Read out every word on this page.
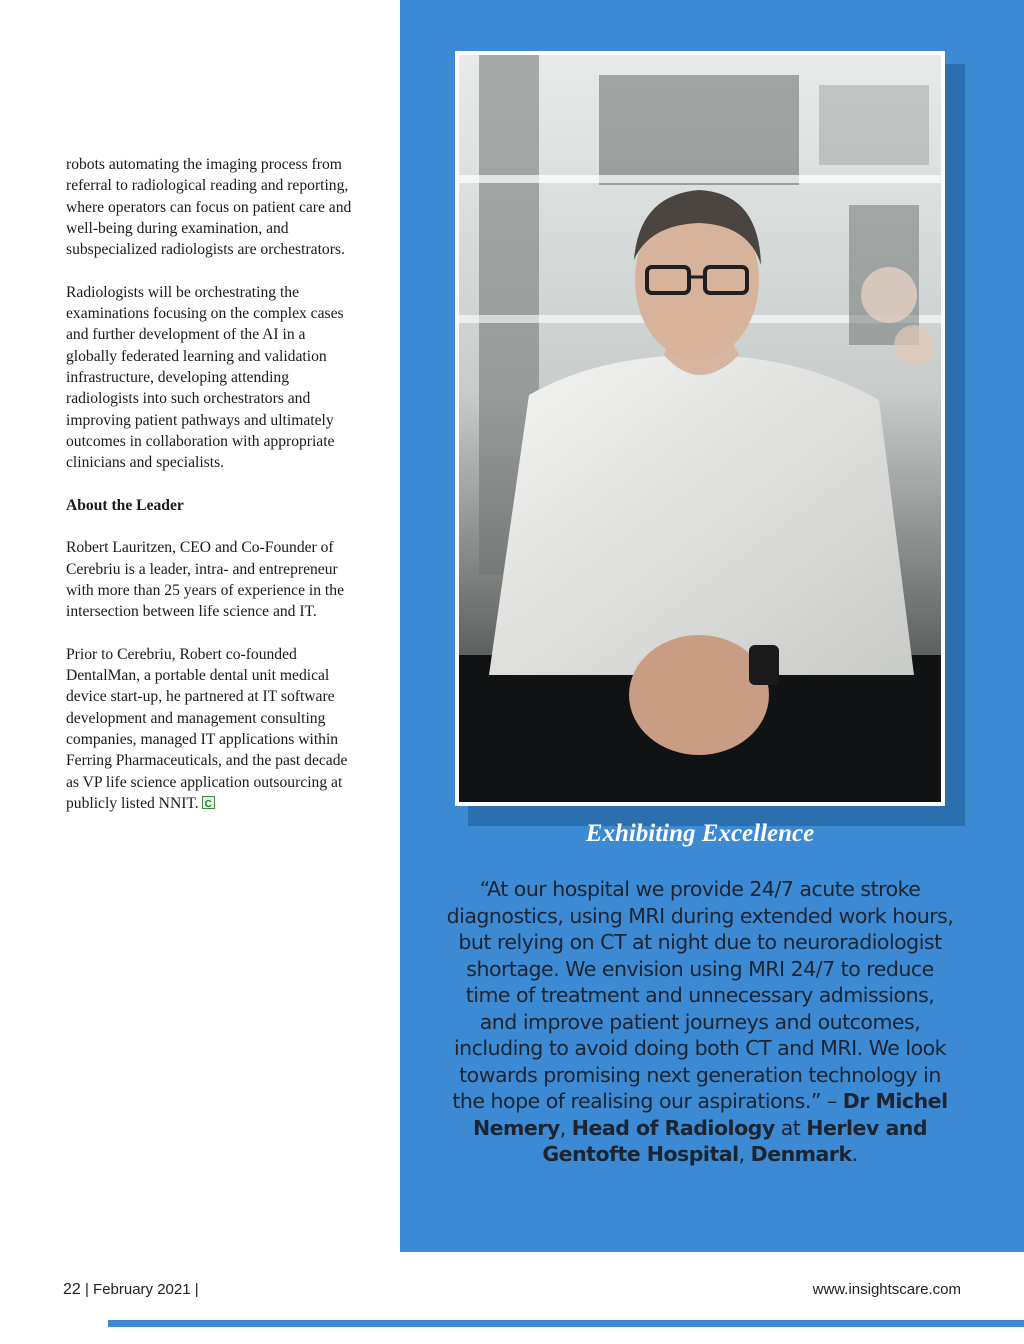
robots automating the imaging process from referral to radiological reading and reporting, where operators can focus on patient care and well-being during examination, and subspecialized radiologists are orchestrators.

Radiologists will be orchestrating the examinations focusing on the complex cases and further development of the AI in a globally federated learning and validation infrastructure, developing attending radiologists into such orchestrators and improving patient pathways and ultimately outcomes in collaboration with appropriate clinicians and specialists.

About the Leader

Robert Lauritzen, CEO and Co-Founder of Cerebriu is a leader, intra- and entrepreneur with more than 25 years of experience in the intersection between life science and IT.

Prior to Cerebriu, Robert co-founded DentalMan, a portable dental unit medical device start-up, he partnered at IT software development and management consulting companies, managed IT applications within Ferring Pharmaceuticals, and the past decade as VP life science application outsourcing at publicly listed NNIT.C

Exhibiting Excellence
“At our hospital we provide 24/7 acute stroke diagnostics, using MRI during extended work hours, but relying on CT at night due to neuroradiologist shortage. We envision using MRI 24/7 to reduce time of treatment and unnecessary admissions, and improve patient journeys and outcomes, including to avoid doing both CT and MRI. We look towards promising next generation technology in the hope of realising our aspirations.” – Dr Michel Nemery, Head of Radiology at Herlev and Gentofte Hospital, Denmark.
22 | February 2021 |	www.insightscare.com
